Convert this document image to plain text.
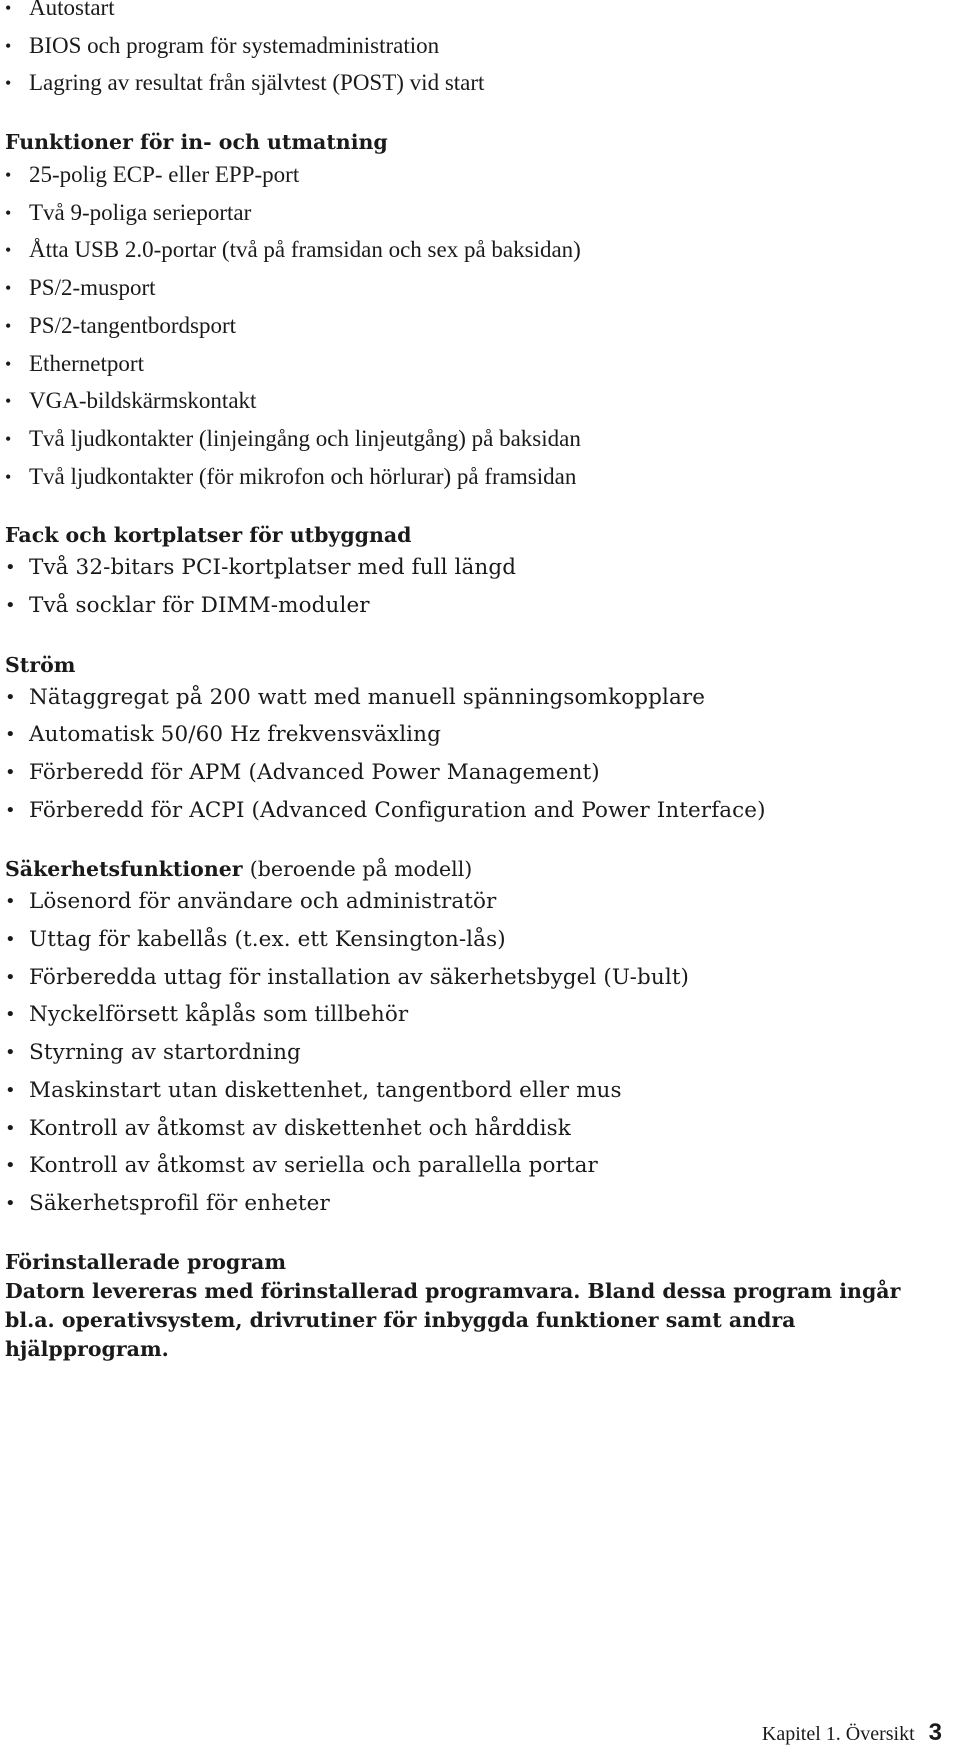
• Autostart
• BIOS och program för systemadministration
• Lagring av resultat från självtest (POST) vid start
Funktioner för in- och utmatning
• 25-polig ECP- eller EPP-port
• Två 9-poliga serieportar
• Åtta USB 2.0-portar (två på framsidan och sex på baksidan)
• PS/2-musport
• PS/2-tangentbordsport
• Ethernetport
• VGA-bildskärmskontakt
• Två ljudkontakter (linjeingång och linjeutgång) på baksidan
• Två ljudkontakter (för mikrofon och hörlurar) på framsidan
Fack och kortplatser för utbyggnad
• Två 32-bitars PCI-kortplatser med full längd
• Två socklar för DIMM-moduler
Ström
• Nätaggregat på 200 watt med manuell spänningsomkopplare
• Automatisk 50/60 Hz frekvensväxling
• Förberedd för APM (Advanced Power Management)
• Förberedd för ACPI (Advanced Configuration and Power Interface)
Säkerhetsfunktioner (beroende på modell)
• Lösenord för användare och administratör
• Uttag för kabellås (t.ex. ett Kensington-lås)
• Förberedda uttag för installation av säkerhetsbygel (U-bult)
• Nyckelförsett kåplås som tillbehör
• Styrning av startordning
• Maskinstart utan diskettenhet, tangentbord eller mus
• Kontroll av åtkomst av diskettenhet och hårddisk
• Kontroll av åtkomst av seriella och parallella portar
• Säkerhetsprofil för enheter
Förinstallerade program

Datorn levereras med förinstallerad programvara. Bland dessa program ingår bl.a. operativsystem, drivrutiner för inbyggda funktioner samt andra hjälpprogram.

Kapitel 1. Översikt 3
